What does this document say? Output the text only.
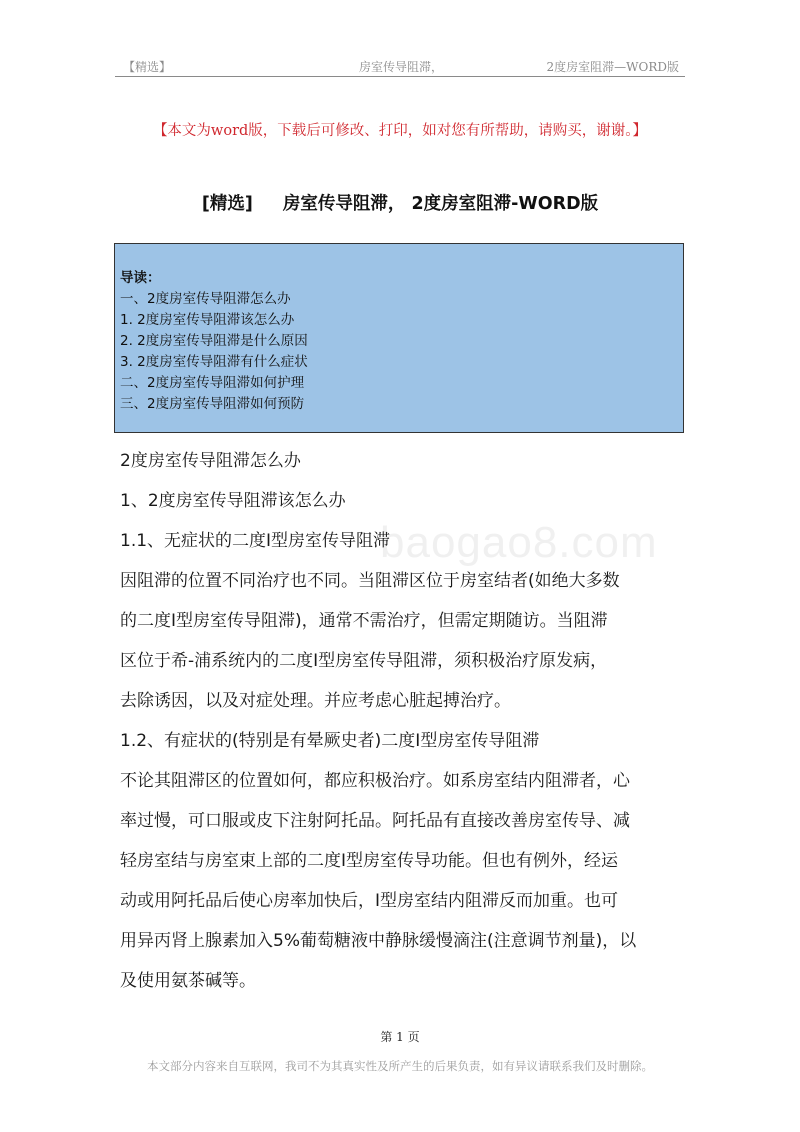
【精选】	房室传导阻滞，	2度房室阻滞—WORD版
【本文为word版，下载后可修改、打印，如对您有所帮助，请购买，谢谢。】
[精选] 房室传导阻滞， 2度房室阻滞-WORD版
导读：
一、2度房室传导阻滞怎么办
1. 2度房室传导阻滞该怎么办
2. 2度房室传导阻滞是什么原因
3. 2度房室传导阻滞有什么症状
二、2度房室传导阻滞如何护理
三、2度房室传导阻滞如何预防
baogao8.com
2度房室传导阻滞怎么办
1、2度房室传导阻滞该怎么办
1.1、无症状的二度Ⅰ型房室传导阻滞
因阻滞的位置不同治疗也不同。当阻滞区位于房室结者(如绝大多数
的二度Ⅰ型房室传导阻滞)，通常不需治疗，但需定期随访。当阻滞
区位于希-浦系统内的二度Ⅰ型房室传导阻滞，须积极治疗原发病，
去除诱因，以及对症处理。并应考虑心脏起搏治疗。
1.2、有症状的(特别是有晕厥史者)二度Ⅰ型房室传导阻滞
不论其阻滞区的位置如何，都应积极治疗。如系房室结内阻滞者，心
率过慢，可口服或皮下注射阿托品。阿托品有直接改善房室传导、减
轻房室结与房室束上部的二度Ⅰ型房室传导功能。但也有例外，经运
动或用阿托品后使心房率加快后，Ⅰ型房室结内阻滞反而加重。也可
用异丙肾上腺素加入5%葡萄糖液中静脉缓慢滴注(注意调节剂量)，以
及使用氨茶碱等。
第 1 页
本文部分内容来自互联网，我司不为其真实性及所产生的后果负责，如有异议请联系我们及时删除。
